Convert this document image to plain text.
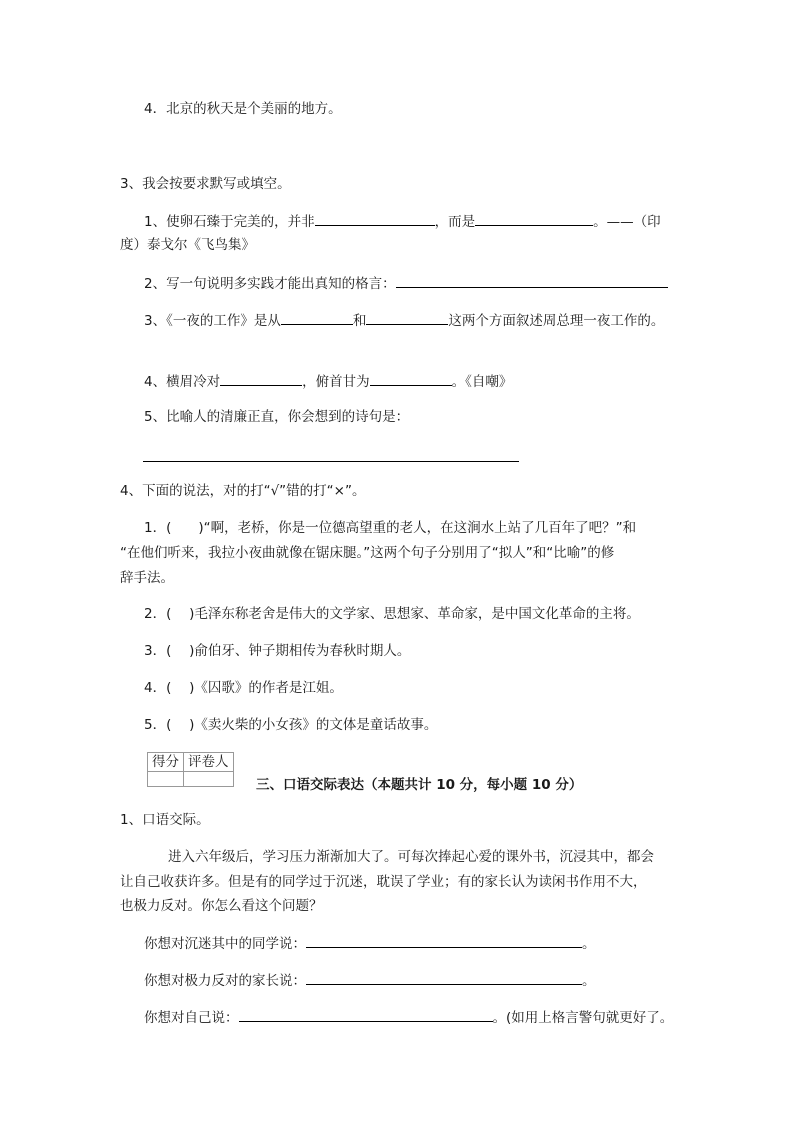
4．北京的秋天是个美丽的地方。
3、我会按要求默写或填空。
1、使卵石臻于完美的，并非	，而是	。——（印
度）泰戈尔《飞鸟集》
2、写一句说明多实践才能出真知的格言：
3、《一夜的工作》是从	和	这两个方面叙述周总理一夜工作的。
4、横眉冷对	，俯首甘为	。《自嘲》
5、比喻人的清廉正直，你会想到的诗句是：
4、下面的说法，对的打“√”错的打“×”。
1．(　　)“啊，老桥，你是一位德高望重的老人，在这涧水上站了几百年了吧？”和
“在他们听来，我拉小夜曲就像在锯床腿。”这两个句子分别用了“拟人”和“比喻”的修
辞手法。
2．(　 )毛泽东称老舍是伟大的文学家、思想家、革命家，是中国文化革命的主将。
3．(　 )俞伯牙、钟子期相传为春秋时期人。
4．(　 )《囚歌》的作者是江姐。
5．(　 )《卖火柴的小女孩》的文体是童话故事。
得分	评卷人

三、口语交际表达（本题共计 10 分，每小题 10 分）
1、口语交际。
进入六年级后，学习压力渐渐加大了。可每次捧起心爱的课外书，沉浸其中，都会
让自己收获许多。但是有的同学过于沉迷，耽误了学业；有的家长认为读闲书作用不大，
也极力反对。你怎么看这个问题？
你想对沉迷其中的同学说：	。
你想对极力反对的家长说：	。
你想对自己说：	。(如用上格言警句就更好了。
